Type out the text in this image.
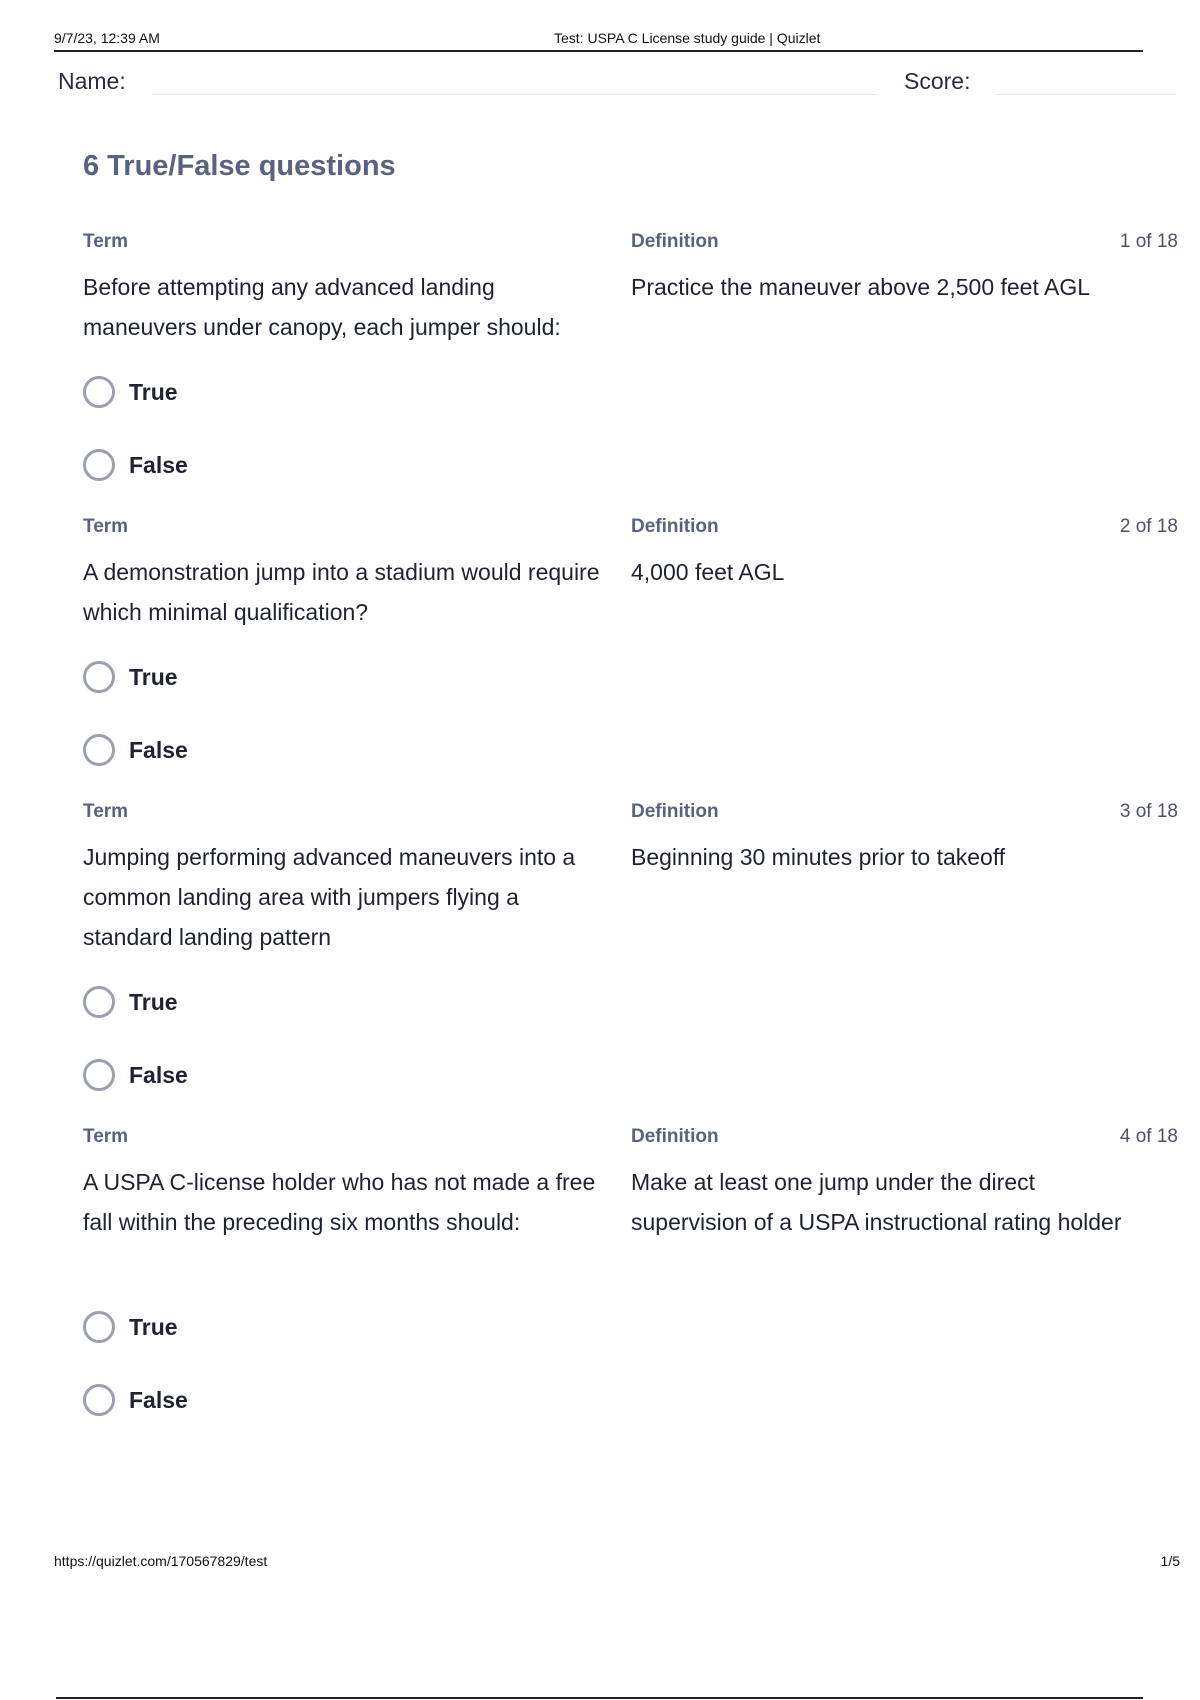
9/7/23, 12:39 AM	Test: USPA C License study guide | Quizlet
Name:	Score:
6 True/False questions
Term	Definition	1 of 18
Before attempting any advanced landing maneuvers under canopy, each jumper should:
Practice the maneuver above 2,500 feet AGL
True
False
Term	Definition	2 of 18
A demonstration jump into a stadium would require which minimal qualification?
4,000 feet AGL
True
False
Term	Definition	3 of 18
Jumping performing advanced maneuvers into a common landing area with jumpers flying a standard landing pattern
Beginning 30 minutes prior to takeoff
True
False
Term	Definition	4 of 18
A USPA C-license holder who has not made a free fall within the preceding six months should:
Make at least one jump under the direct supervision of a USPA instructional rating holder
True
False
https://quizlet.com/170567829/test	1/5
